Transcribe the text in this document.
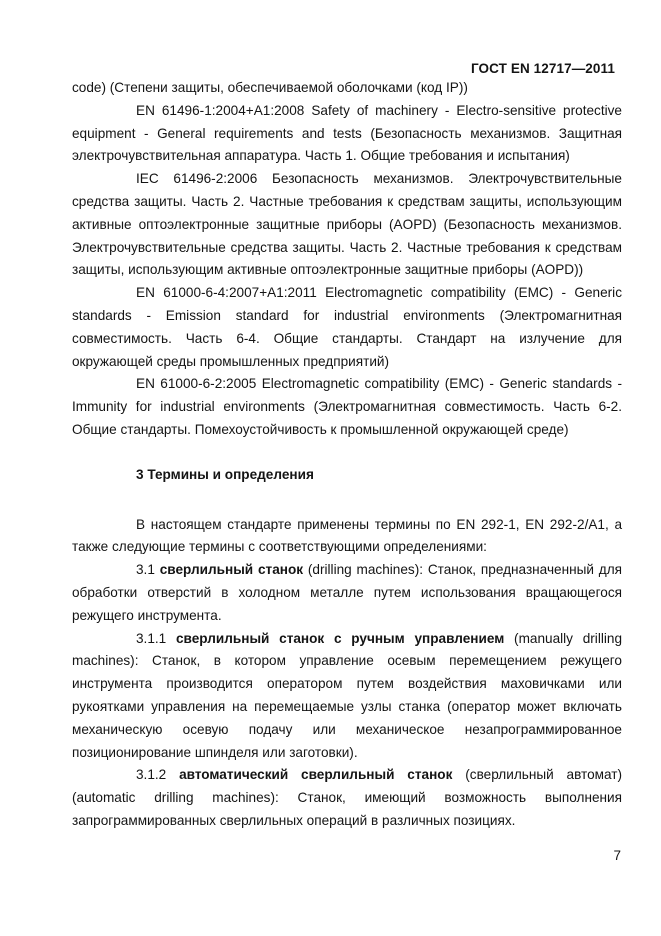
ГОСТ EN 12717—2011

code) (Степени защиты, обеспечиваемой оболочками (код IP))

EN 61496-1:2004+A1:2008 Safety of machinery - Electro-sensitive protective equipment - General requirements and tests (Безопасность механизмов. Защитная электрочувствительная аппаратура. Часть 1. Общие требования и испытания)

IEC 61496-2:2006 Безопасность механизмов. Электрочувствительные средства защиты. Часть 2. Частные требования к средствам защиты, использующим активные оптоэлектронные защитные приборы (AOPD) (Безопасность механизмов. Электрочувствительные средства защиты. Часть 2. Частные требования к средствам защиты, использующим активные оптоэлектронные защитные приборы (AOPD))

EN 61000-6-4:2007+A1:2011 Electromagnetic compatibility (EMC) - Generic standards - Emission standard for industrial environments (Электромагнитная совместимость. Часть 6-4. Общие стандарты. Стандарт на излучение для окружающей среды промышленных предприятий)

EN 61000-6-2:2005 Electromagnetic compatibility (EMC) - Generic standards - Immunity for industrial environments (Электромагнитная совместимость. Часть 6-2. Общие стандарты. Помехоустойчивость к промышленной окружающей среде)

3 Термины и определения

В настоящем стандарте применены термины по EN 292-1, EN 292-2/A1, а также следующие термины с соответствующими определениями:

3.1 сверлильный станок (drilling machines): Станок, предназначенный для обработки отверстий в холодном металле путем использования вращающегося режущего инструмента.

3.1.1 сверлильный станок с ручным управлением (manually drilling machines): Станок, в котором управление осевым перемещением режущего инструмента производится оператором путем воздействия маховичками или рукоятками управления на перемещаемые узлы станка (оператор может включать механическую осевую подачу или механическое незапрограммированное позиционирование шпинделя или заготовки).

3.1.2 автоматический сверлильный станок (сверлильный автомат) (automatic drilling machines): Станок, имеющий возможность выполнения запрограммированных сверлильных операций в различных позициях.

7
